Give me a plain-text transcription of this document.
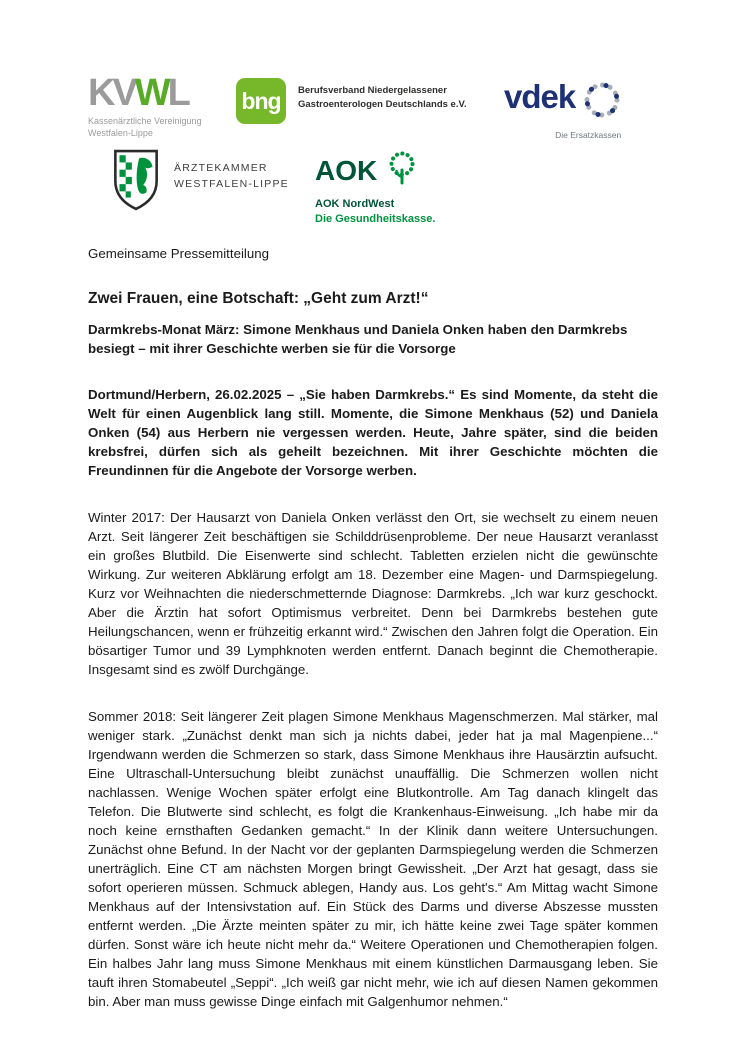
KVWL
Kassenärztliche Vereinigung
Westfalen-Lippe
bng Berufsverband Niedergelassener
Gastroenterologen Deutschlands e.V. vdek
Die Ersatzkassen
ÄRZTEKAMMER
WESTFALEN-LIPPE AOK
AOK NordWest
Die Gesundheitskasse.

Gemeinsame Pressemitteilung

Zwei Frauen, eine Botschaft: „Geht zum Arzt!“
Darmkrebs-Monat März: Simone Menkhaus und Daniela Onken haben den Darmkrebs besiegt – mit ihrer Geschichte werben sie für die Vorsorge

Dortmund/Herbern, 26.02.2025 – „Sie haben Darmkrebs.“ Es sind Momente, da steht die Welt für einen Augenblick lang still. Momente, die Simone Menkhaus (52) und Daniela Onken (54) aus Herbern nie vergessen werden. Heute, Jahre später, sind die beiden krebsfrei, dürfen sich als geheilt bezeichnen. Mit ihrer Geschichte möchten die Freundinnen für die Angebote der Vorsorge werben.

Winter 2017: Der Hausarzt von Daniela Onken verlässt den Ort, sie wechselt zu einem neuen Arzt. Seit längerer Zeit beschäftigen sie Schilddrüsenprobleme. Der neue Hausarzt veranlasst ein großes Blutbild. Die Eisenwerte sind schlecht. Tabletten erzielen nicht die gewünschte Wirkung. Zur weiteren Abklärung erfolgt am 18. Dezember eine Magen- und Darmspiegelung. Kurz vor Weihnachten die niederschmetternde Diagnose: Darmkrebs. „Ich war kurz geschockt. Aber die Ärztin hat sofort Optimismus verbreitet. Denn bei Darmkrebs bestehen gute Heilungschancen, wenn er frühzeitig erkannt wird.“ Zwischen den Jahren folgt die Operation. Ein bösartiger Tumor und 39 Lymphknoten werden entfernt. Danach beginnt die Chemotherapie. Insgesamt sind es zwölf Durchgänge.

Sommer 2018: Seit längerer Zeit plagen Simone Menkhaus Magenschmerzen. Mal stärker, mal weniger stark. „Zunächst denkt man sich ja nichts dabei, jeder hat ja mal Magenpiene...“ Irgendwann werden die Schmerzen so stark, dass Simone Menkhaus ihre Hausärztin aufsucht. Eine Ultraschall-Untersuchung bleibt zunächst unauffällig. Die Schmerzen wollen nicht nachlassen. Wenige Wochen später erfolgt eine Blutkontrolle. Am Tag danach klingelt das Telefon. Die Blutwerte sind schlecht, es folgt die Krankenhaus-Einweisung. „Ich habe mir da noch keine ernsthaften Gedanken gemacht.“ In der Klinik dann weitere Untersuchungen. Zunächst ohne Befund. In der Nacht vor der geplanten Darmspiegelung werden die Schmerzen unerträglich. Eine CT am nächsten Morgen bringt Gewissheit. „Der Arzt hat gesagt, dass sie sofort operieren müssen. Schmuck ablegen, Handy aus. Los geht's.“ Am Mittag wacht Simone Menkhaus auf der Intensivstation auf. Ein Stück des Darms und diverse Abszesse mussten entfernt werden. „Die Ärzte meinten später zu mir, ich hätte keine zwei Tage später kommen dürfen. Sonst wäre ich heute nicht mehr da.“ Weitere Operationen und Chemotherapien folgen. Ein halbes Jahr lang muss Simone Menkhaus mit einem künstlichen Darmausgang leben. Sie tauft ihren Stomabeutel „Seppi“. „Ich weiß gar nicht mehr, wie ich auf diesen Namen gekommen bin. Aber man muss gewisse Dinge einfach mit Galgenhumor nehmen.“
